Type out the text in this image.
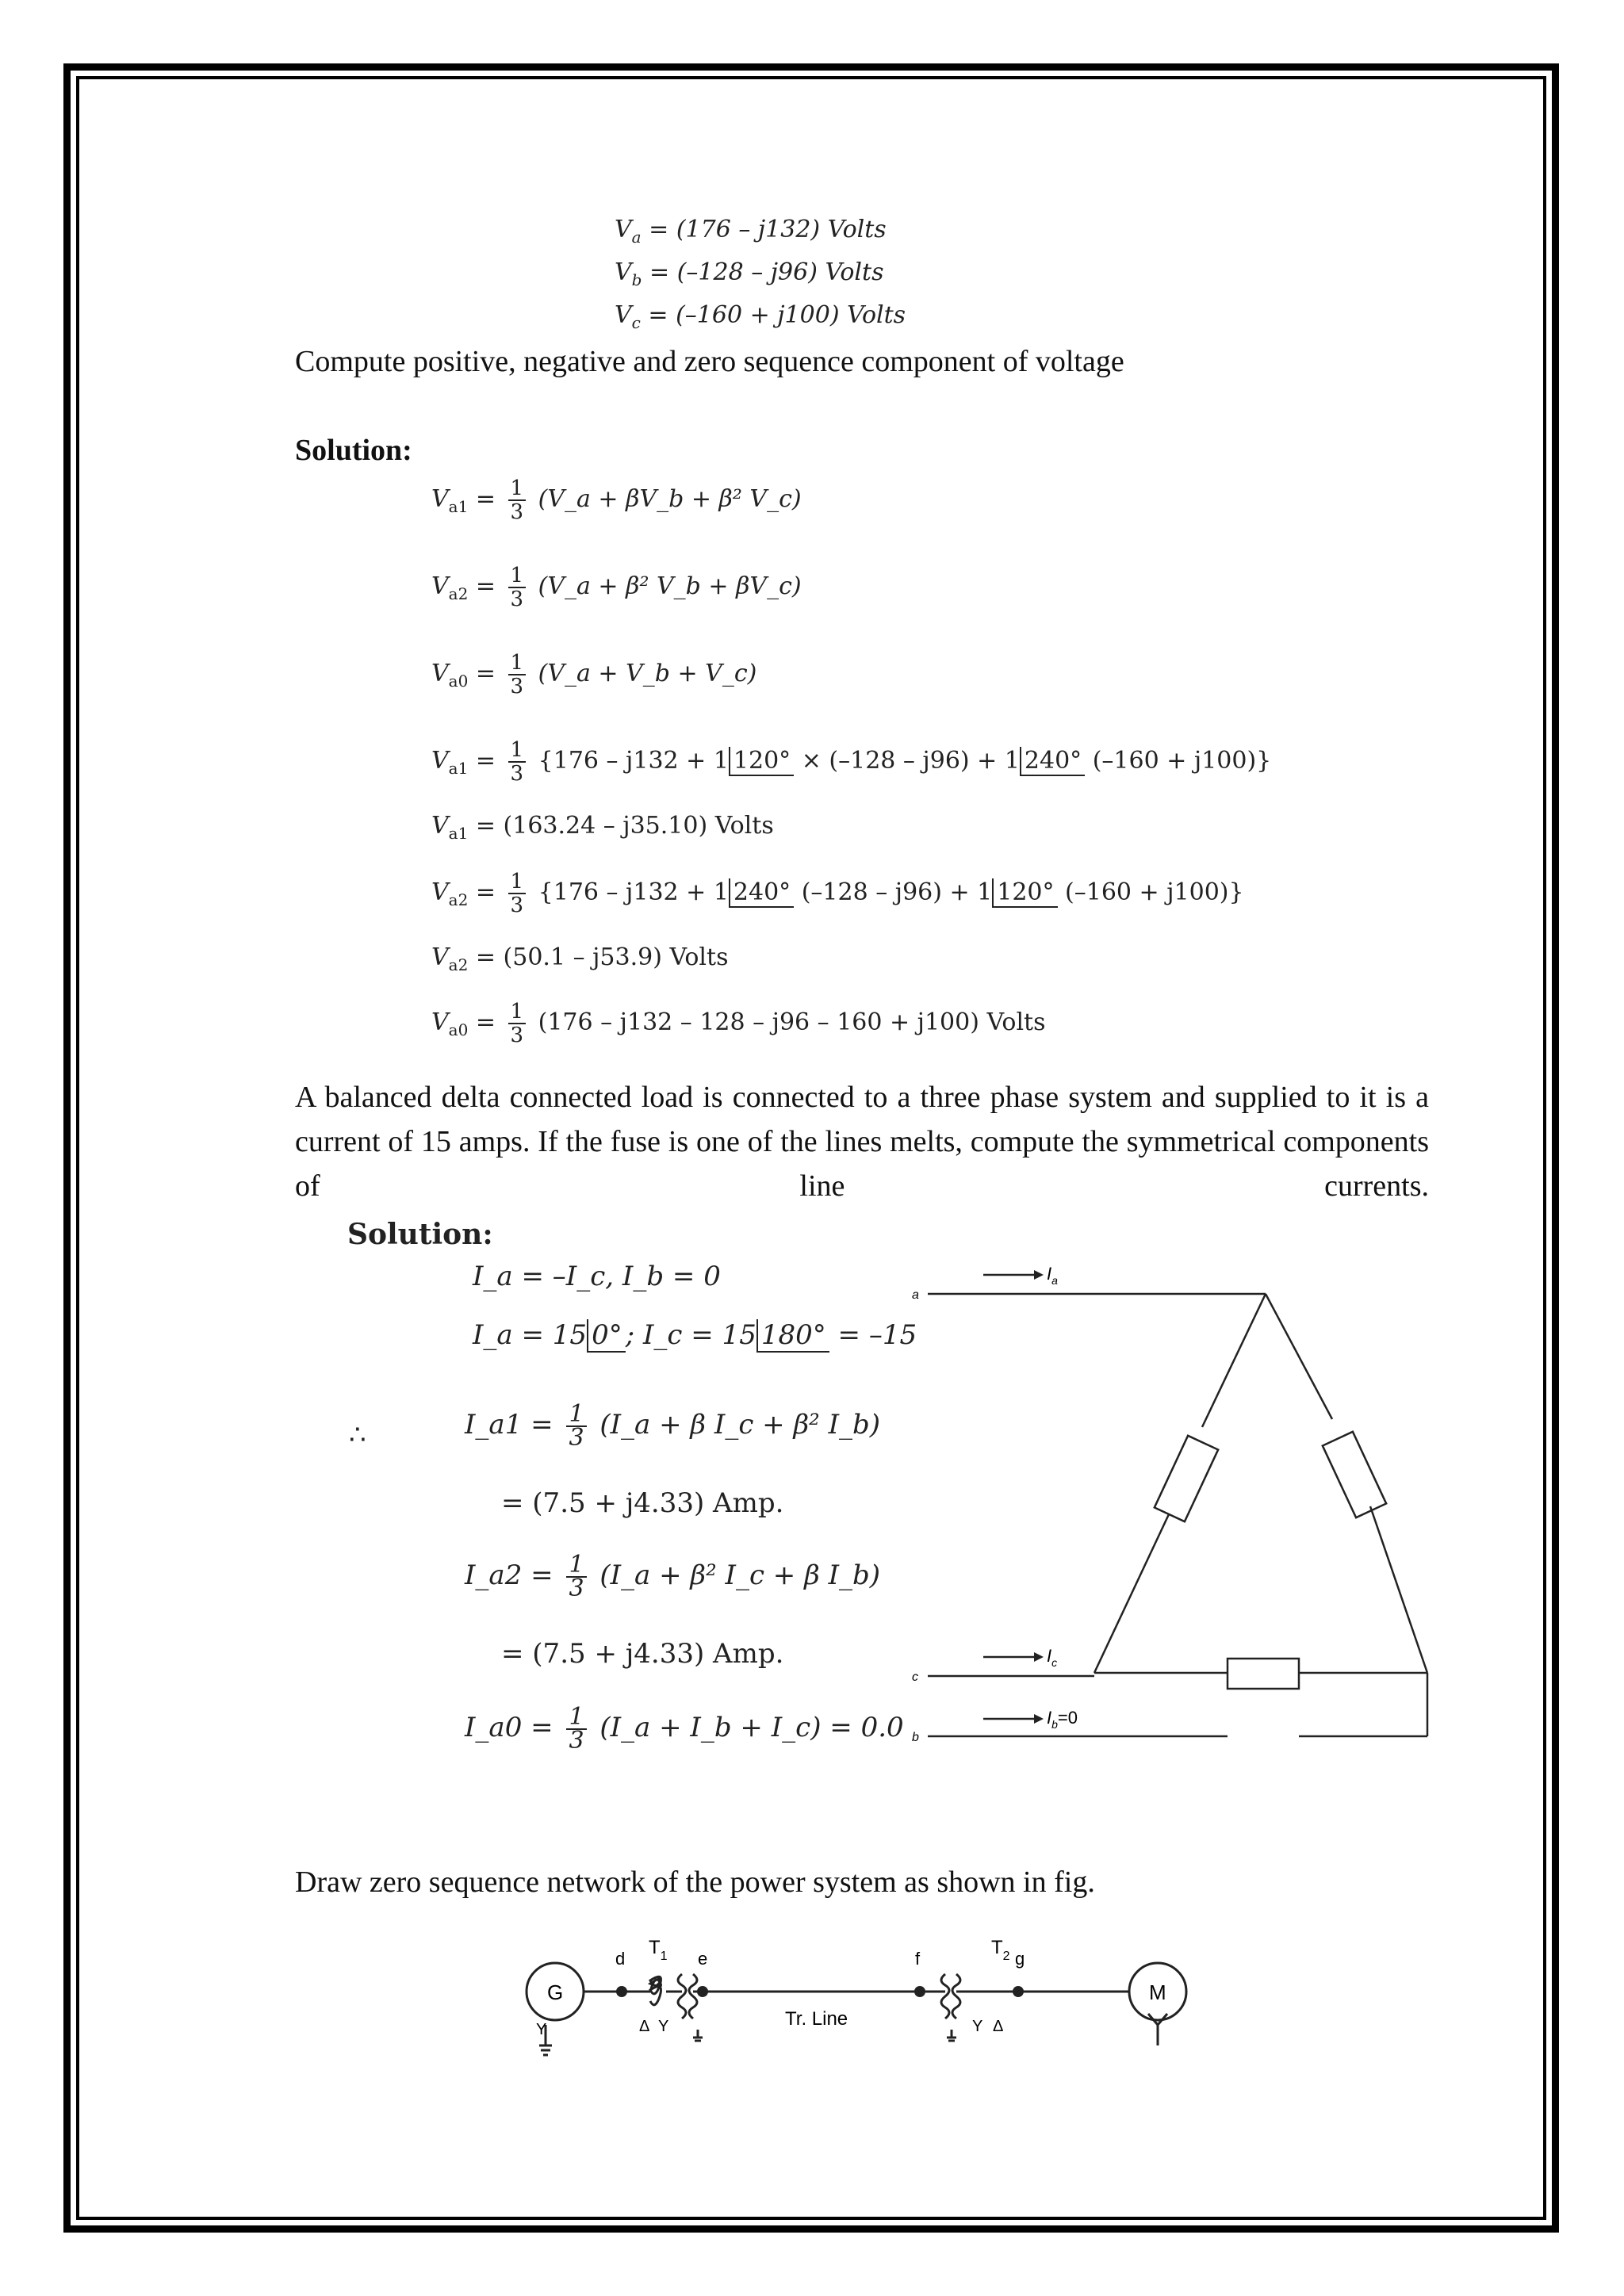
$V_a = (176 - j132)$ Volts
$V_b = (-128 - j96)$ Volts
$V_c = (-160 + j100)$ Volts
Compute positive, negative and zero sequence component of voltage
Solution:
$V_{a1} = \frac{1}{3}$ (V_a + βV_b + β² V_c)
$V_{a2} = \frac{1}{3}$ (V_a + β² V_b + βV_c)
$V_{a0} = \frac{1}{3}$ (V_a + V_b + V_c)
$V_{a1} = \frac{1}{3} \{176 - j132 + 1$ 120° × (–128 – j96) + 1 240° (–160 + j100)}
$V_{a1} = (163.24 - j35.10)$ Volts
$V_{a2} = \frac{1}{3} \{176 - j132 + 1$ 240° (–128 – j96) + 1 120° (–160 + j100)}
$V_{a2} = (50.1 - j53.9)$ Volts
$V_{a0} = \frac{1}{3} (176 - j132 - 128 - j96 - 160 + j100)$ Volts
A balanced delta connected load is connected to a three phase system and supplied to it is a current of 15 amps. If the fuse is one of the lines melts, compute the symmetrical components of line currents.
Solution:
I_a = –I_c, I_b = 0
I_a = 15 0° ; I_c = 15 180° = –15
∴	I_a1 = $\frac{1}{3}$ (I_a + β I_c + β² I_b)
= (7.5 + j4.33) Amp.
I_a2 = $\frac{1}{3}$ (I_a + β² I_c + β I_b)
= (7.5 + j4.33) Amp.
I_a0 = $\frac{1}{3}$ (I_a + I_b + I_c) = 0.0
a
c
b
$I_a$
$I_c$
$I_b=0$
Draw zero sequence network of the power system as shown in fig.
G	M
d	e	f	g
$T_1$	$T_2$
Tr. Line
Δ Y	Y Δ
Y
